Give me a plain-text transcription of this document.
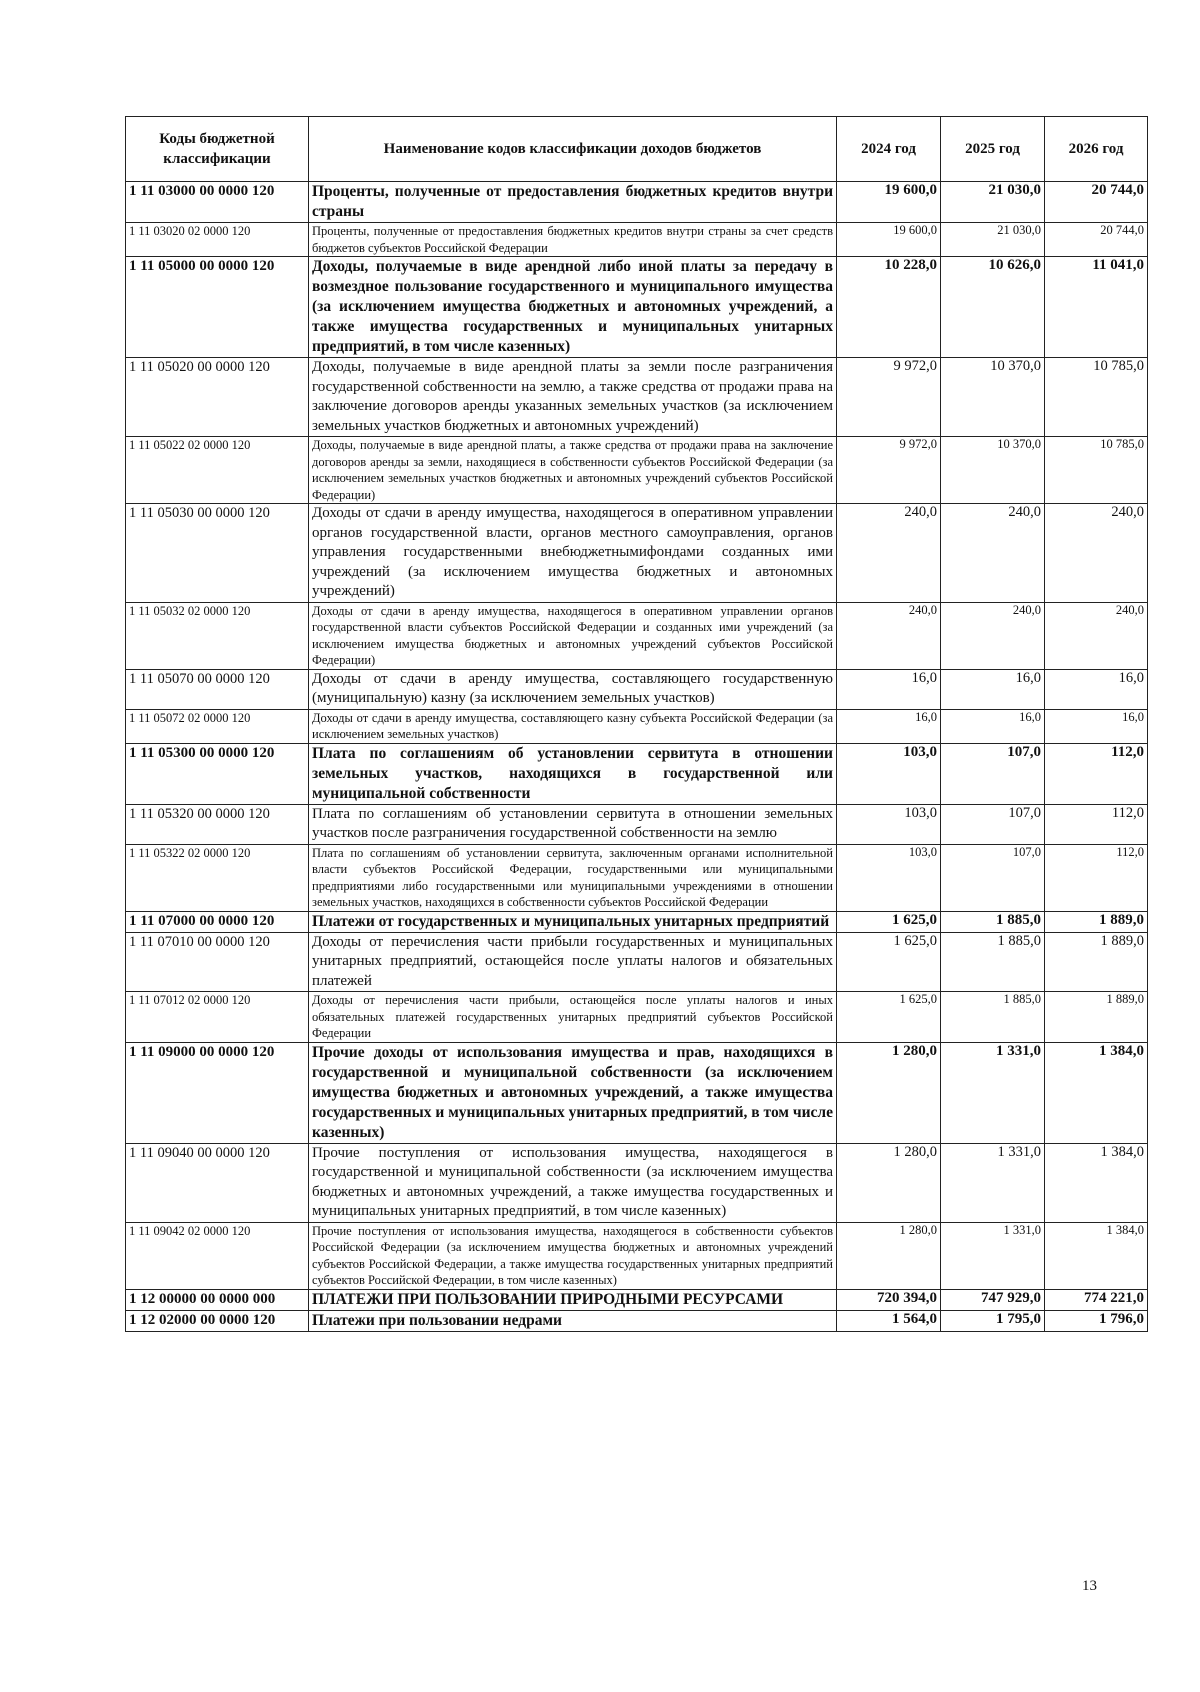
Коды бюджетной классификации	Наименование кодов классификации доходов бюджетов	2024 год	2025 год	2026 год
1 11 03000 00 0000 120	Проценты, полученные от предоставления бюджетных кредитов внутри страны	19 600,0	21 030,0	20 744,0
1 11 03020 02 0000 120	Проценты, полученные от предоставления бюджетных кредитов внутри страны за счет средств бюджетов субъектов Российской Федерации	19 600,0	21 030,0	20 744,0
1 11 05000 00 0000 120	Доходы, получаемые в виде арендной либо иной платы за передачу в возмездное пользование государственного и муниципального имущества (за исключением имущества бюджетных и автономных учреждений, а также имущества государственных и муниципальных унитарных предприятий, в том числе казенных)	10 228,0	10 626,0	11 041,0
1 11 05020 00 0000 120	Доходы, получаемые в виде арендной платы за земли после разграничения государственной собственности на землю, а также средства от продажи права на заключение договоров аренды указанных земельных участков (за исключением земельных участков бюджетных и автономных учреждений)	9 972,0	10 370,0	10 785,0
1 11 05022 02 0000 120	Доходы, получаемые в виде арендной платы, а также средства от продажи права на заключение договоров аренды за земли, находящиеся в собственности субъектов Российской Федерации (за исключением земельных участков бюджетных и автономных учреждений субъектов Российской Федерации)	9 972,0	10 370,0	10 785,0
1 11 05030 00 0000 120	Доходы от сдачи в аренду имущества, находящегося в оперативном управлении органов государственной власти, органов местного самоуправления, органов управления государственными внебюджетнымифондами созданных ими учреждений (за исключением имущества бюджетных и автономных учреждений)	240,0	240,0	240,0
1 11 05032 02 0000 120	Доходы от сдачи в аренду имущества, находящегося в оперативном управлении органов государственной власти субъектов Российской Федерации и созданных ими учреждений (за исключением имущества бюджетных и автономных учреждений субъектов Российской Федерации)	240,0	240,0	240,0
1 11 05070 00 0000 120	Доходы от сдачи в аренду имущества, составляющего государственную (муниципальную) казну (за исключением земельных участков)	16,0	16,0	16,0
1 11 05072 02 0000 120	Доходы от сдачи в аренду имущества, составляющего казну субъекта Российской Федерации (за исключением земельных участков)	16,0	16,0	16,0
1 11 05300 00 0000 120	Плата по соглашениям об установлении сервитута в отношении земельных участков, находящихся в государственной или муниципальной собственности	103,0	107,0	112,0
1 11 05320 00 0000 120	Плата по соглашениям об установлении сервитута в отношении земельных участков после разграничения государственной собственности на землю	103,0	107,0	112,0
1 11 05322 02 0000 120	Плата по соглашениям об установлении сервитута, заключенным органами исполнительной власти субъектов Российской Федерации, государственными или муниципальными предприятиями либо государственными или муниципальными учреждениями в отношении земельных участков, находящихся в собственности субъектов Российской Федерации	103,0	107,0	112,0
1 11 07000 00 0000 120	Платежи от государственных и муниципальных унитарных предприятий	1 625,0	1 885,0	1 889,0
1 11 07010 00 0000 120	Доходы от перечисления части прибыли государственных и муниципальных унитарных предприятий, остающейся после уплаты налогов и обязательных платежей	1 625,0	1 885,0	1 889,0
1 11 07012 02 0000 120	Доходы от перечисления части прибыли, остающейся после уплаты налогов и иных обязательных платежей государственных унитарных предприятий субъектов Российской Федерации	1 625,0	1 885,0	1 889,0
1 11 09000 00 0000 120	Прочие доходы от использования имущества и прав, находящихся в государственной и муниципальной собственности (за исключением имущества бюджетных и автономных учреждений, а также имущества государственных и муниципальных унитарных предприятий, в том числе казенных)	1 280,0	1 331,0	1 384,0
1 11 09040 00 0000 120	Прочие поступления от использования имущества, находящегося в государственной и муниципальной собственности (за исключением имущества бюджетных и автономных учреждений, а также имущества государственных и муниципальных унитарных предприятий, в том числе казенных)	1 280,0	1 331,0	1 384,0
1 11 09042 02 0000 120	Прочие поступления от использования имущества, находящегося в собственности субъектов Российской Федерации (за исключением имущества бюджетных и автономных учреждений субъектов Российской Федерации, а также имущества государственных унитарных предприятий субъектов Российской Федерации, в том числе казенных)	1 280,0	1 331,0	1 384,0
1 12 00000 00 0000 000	ПЛАТЕЖИ ПРИ ПОЛЬЗОВАНИИ ПРИРОДНЫМИ РЕСУРСАМИ	720 394,0	747 929,0	774 221,0
1 12 02000 00 0000 120	Платежи при пользовании недрами	1 564,0	1 795,0	1 796,0
13
